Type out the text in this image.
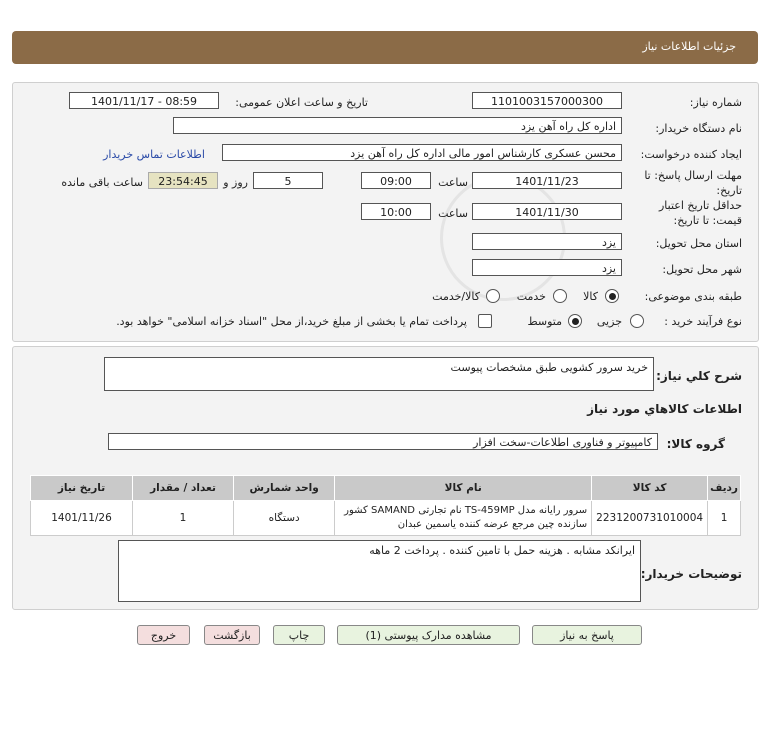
جزئیات اطلاعات نیاز
شماره نیاز:
1101003157000300
تاریخ و ساعت اعلان عمومی:
1401/11/17 - 08:59
نام دستگاه خریدار:
اداره کل راه آهن یزد
ایجاد کننده درخواست:
محسن عسکری کارشناس امور مالی اداره کل راه آهن یزد
اطلاعات تماس خریدار
مهلت ارسال پاسخ: تا
تاریخ:
1401/11/23
ساعت
09:00
5
روز و
23:54:45
ساعت باقی مانده
حداقل تاریخ اعتبار
قیمت: تا تاریخ:
1401/11/30
ساعت
10:00
استان محل تحویل:
یزد
شهر محل تحویل:
یزد
طبقه بندی موضوعی:
کالا
خدمت
کالا/خدمت
نوع فرآیند خرید :
جزیی
متوسط
پرداخت تمام یا بخشی از مبلغ خرید،از محل "اسناد خزانه اسلامی" خواهد بود.
شرح کلي نياز:
خرید سرور کشویی طبق مشخصات پیوست
اطلاعات کالاهاي مورد نياز
گروه کالا:
کامپیوتر و فناوری اطلاعات-سخت افزار
ردیف	کد کالا	نام کالا	واحد شمارش	تعداد / مقدار	تاریخ نیاز
1	2231200731010004	سرور رایانه مدل TS-459MP نام تجارتی SAMAND کشور
سازنده چین مرجع عرضه کننده یاسمین عبدان	دستگاه	1	1401/11/26
توضیحات خریدار:
ایرانکد مشابه . هزینه حمل با تامین کننده . پرداخت 2 ماهه
پاسخ به نیاز
مشاهده مدارک پیوستی (1)
چاپ
بازگشت
خروج
